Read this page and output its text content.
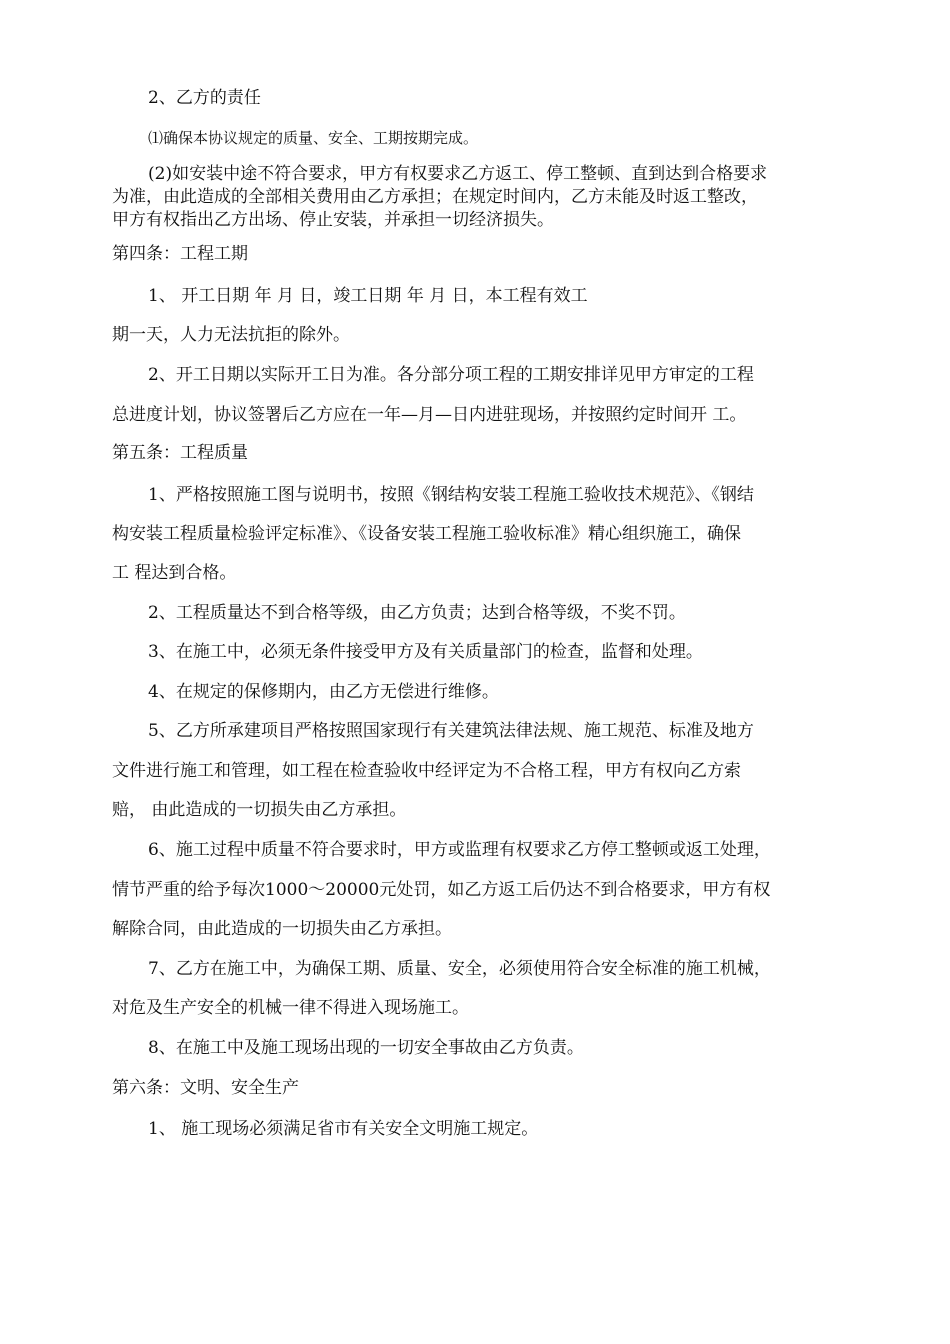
2、乙方的责任
⑴确保本协议规定的质量、安全、工期按期完成。
(2)如安装中途不符合要求，甲方有权要求乙方返工、停工整顿、直到达到合格要求
为准，由此造成的全部相关费用由乙方承担；在规定时间内，乙方未能及时返工整改，
甲方有权指出乙方出场、停止安装，并承担一切经济损失。
第四条：工程工期
1、 开工日期 年 月 日，竣工日期 年 月 日，本工程有效工
期一天，人力无法抗拒的除外。
2、开工日期以实际开工日为准。各分部分项工程的工期安排详见甲方审定的工程
总进度计划，协议签署后乙方应在一年—月—日内进驻现场，并按照约定时间开 工。
第五条：工程质量
1、严格按照施工图与说明书，按照《钢结构安装工程施工验收技术规范》、《钢结
构安装工程质量检验评定标准》、《设备安装工程施工验收标准》精心组织施工，确保
工 程达到合格。
2、工程质量达不到合格等级，由乙方负责；达到合格等级，不奖不罚。
3、在施工中，必须无条件接受甲方及有关质量部门的检查，监督和处理。
4、在规定的保修期内，由乙方无偿进行维修。
5、乙方所承建项目严格按照国家现行有关建筑法律法规、施工规范、标准及地方
文件进行施工和管理，如工程在检查验收中经评定为不合格工程，甲方有权向乙方索
赔， 由此造成的一切损失由乙方承担。
6、施工过程中质量不符合要求时，甲方或监理有权要求乙方停工整顿或返工处理，
情节严重的给予每次1000〜20000元处罚，如乙方返工后仍达不到合格要求，甲方有权
解除合同，由此造成的一切损失由乙方承担。
7、乙方在施工中，为确保工期、质量、安全，必须使用符合安全标准的施工机械，
对危及生产安全的机械一律不得进入现场施工。
8、在施工中及施工现场出现的一切安全事故由乙方负责。
第六条：文明、安全生产
1、 施工现场必须满足省市有关安全文明施工规定。
